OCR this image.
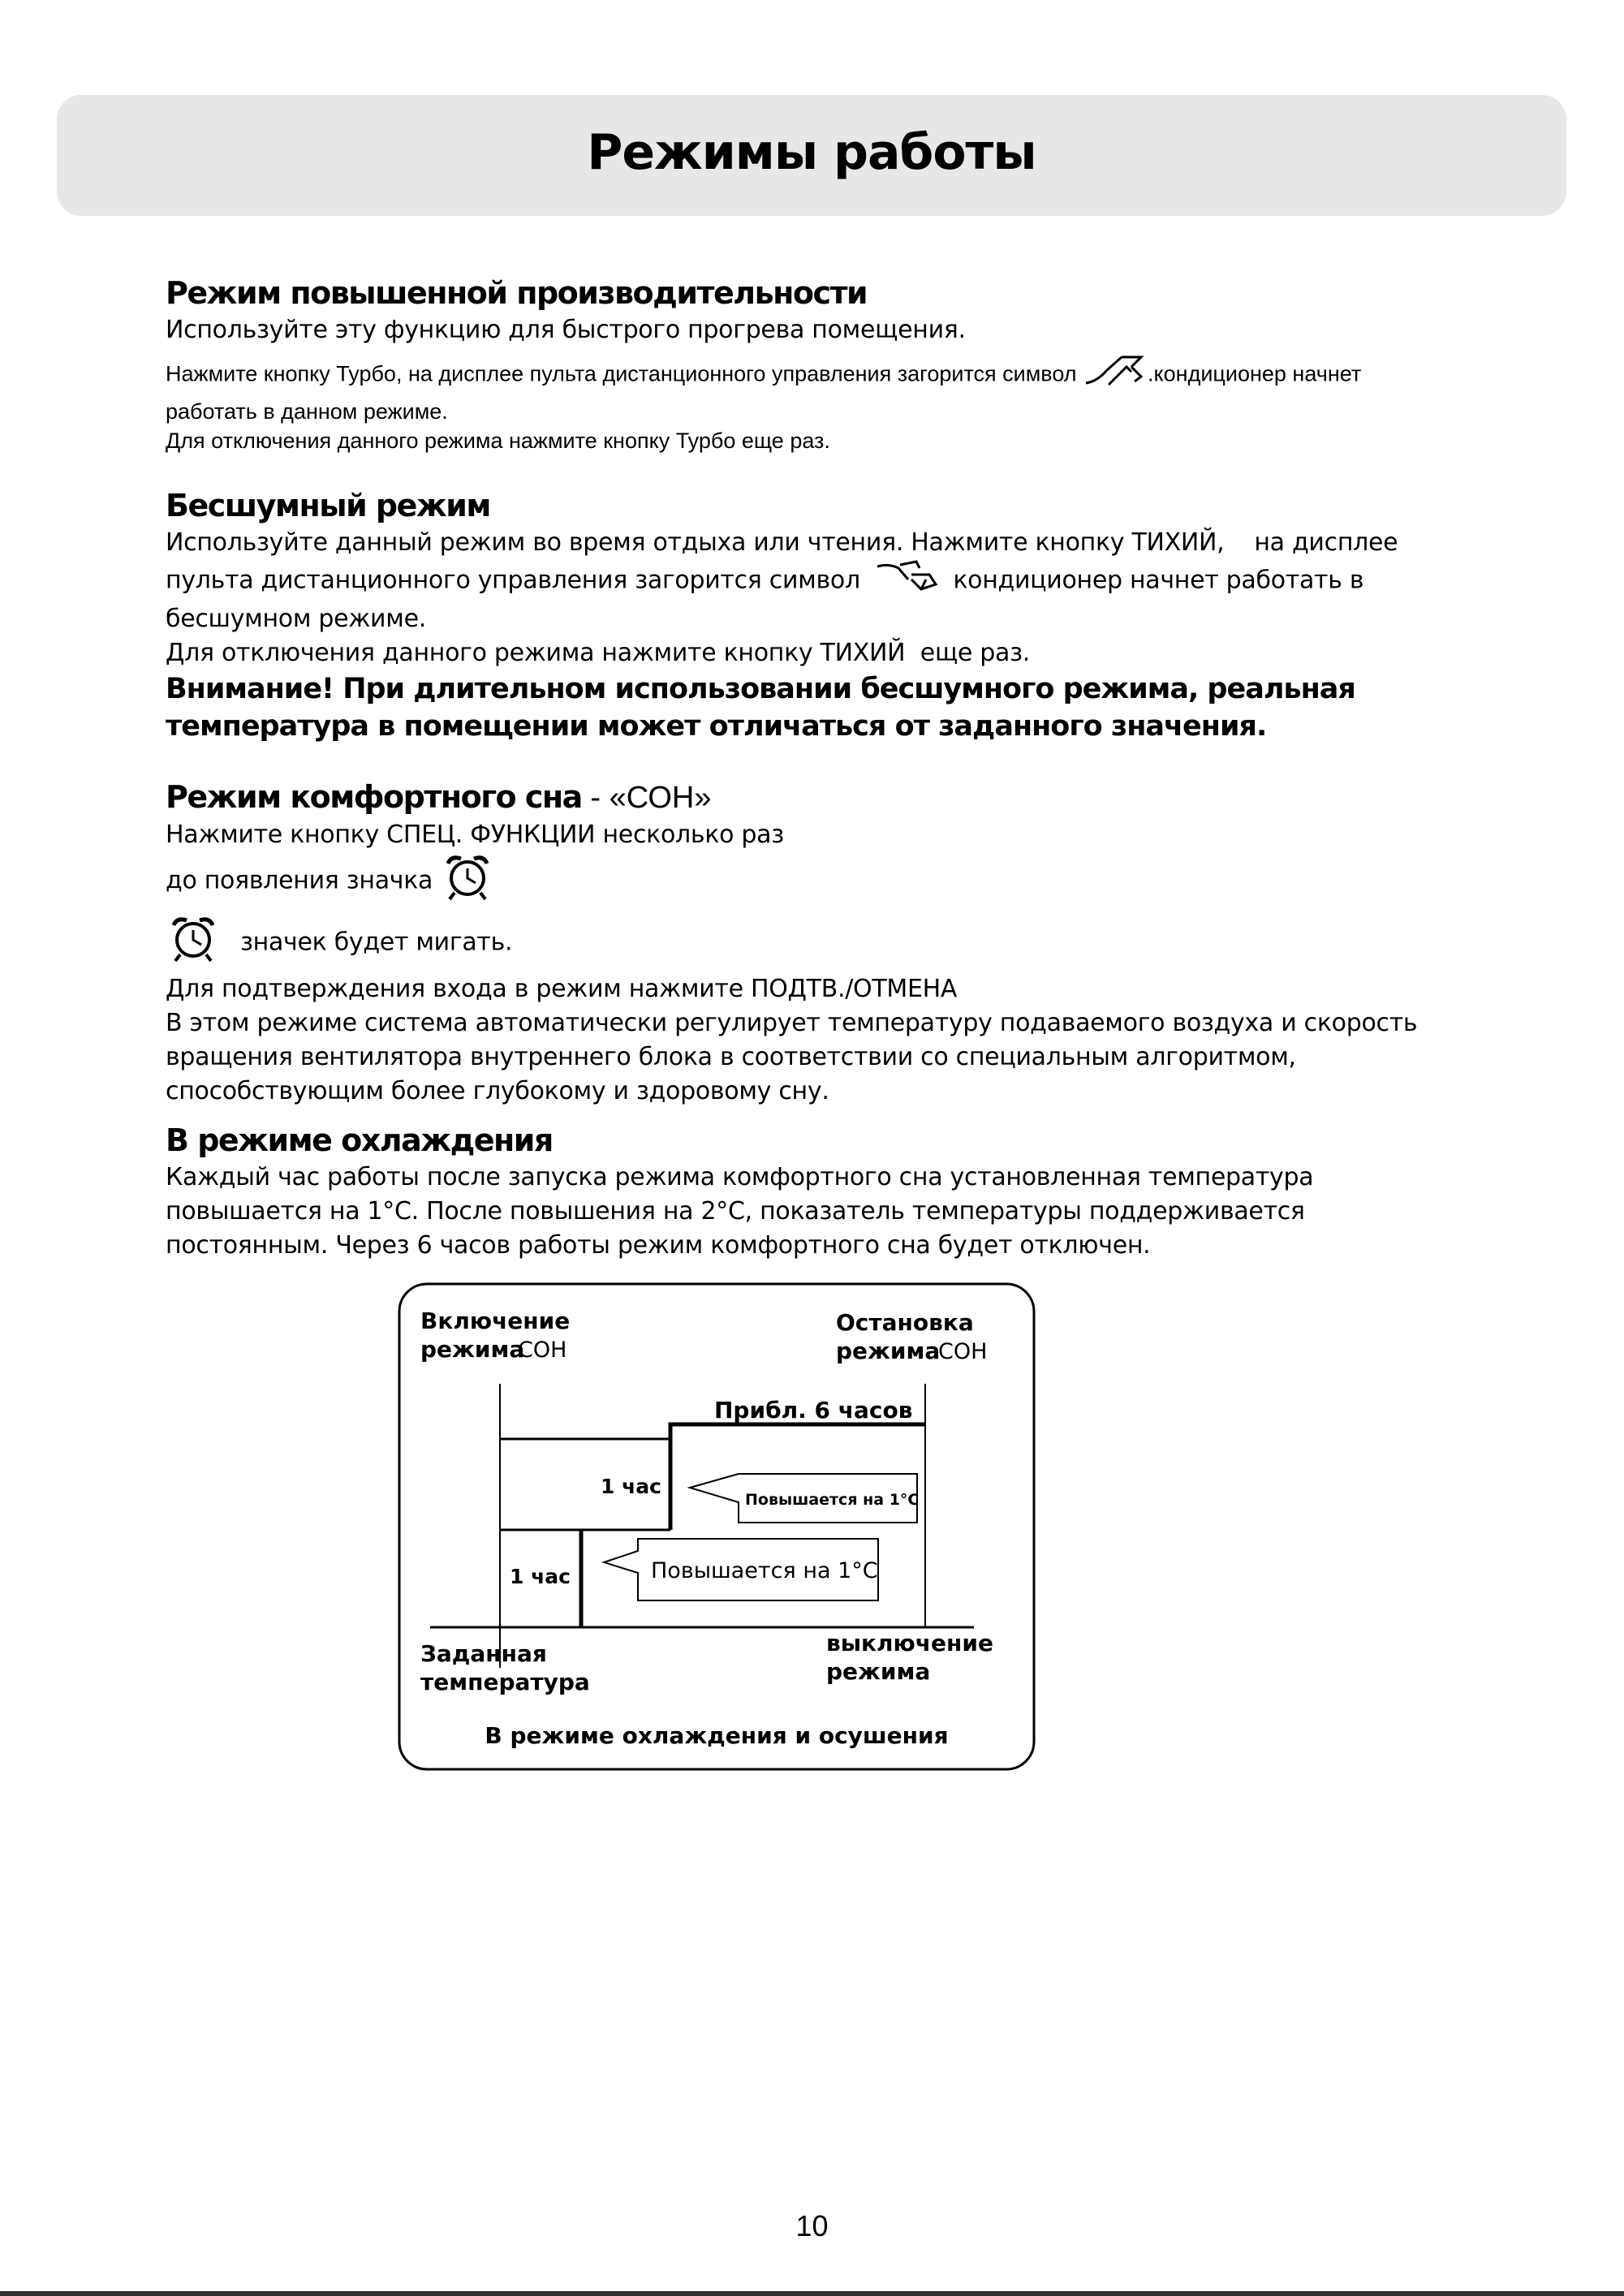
Режимы работы

Режим повышенной производительности

Используйте эту функцию для быстрого прогрева помещения.

Нажмите кнопку Турбо, на дисплее пульта дистанционного управления загорится символ	.кондиционер начнет

работать в данном режиме.

Для отключения данного режима нажмите кнопку Турбо еще раз.

Бесшумный режим

Используйте данный режим во время отдыха или чтения. Нажмите кнопку ТИХИЙ,    на дисплее

пульта дистанционного управления загорится символ	кондиционер начнет работать в

бесшумном режиме.

Для отключения данного режима нажмите кнопку ТИХИЙ  еще раз.

Внимание! При длительном использовании бесшумного режима, реальная

температура в помещении может отличаться от заданного значения.

Режим комфортного сна - «СОН»

Нажмите кнопку СПЕЦ. ФУНКЦИИ несколько раз

до появления значка

значек будет мигать.

Для подтверждения входа в режим нажмите ПОДТВ./ОТМЕНА

В этом режиме система автоматически регулирует температуру подаваемого воздуха и скорость

вращения вентилятора внутреннего блока в соответствии со специальным алгоритмом,

способствующим более глубокому и здоровому сну.

В режиме охлаждения

Каждый час работы после запуска режима комфортного сна установленная температура

повышается на 1°С. После повышения на 2°С, показатель температуры поддерживается

постоянным. Через 6 часов работы режим комфортного сна будет отключен.

Включение
режима
СОН
Остановка
режима
СОН
Прибл. 6 часов
1 час
1 час
Повышается на 1°С
Повышается на 1°С
Заданная
температура
выключение
режима
В режиме охлаждения и осушения
10
